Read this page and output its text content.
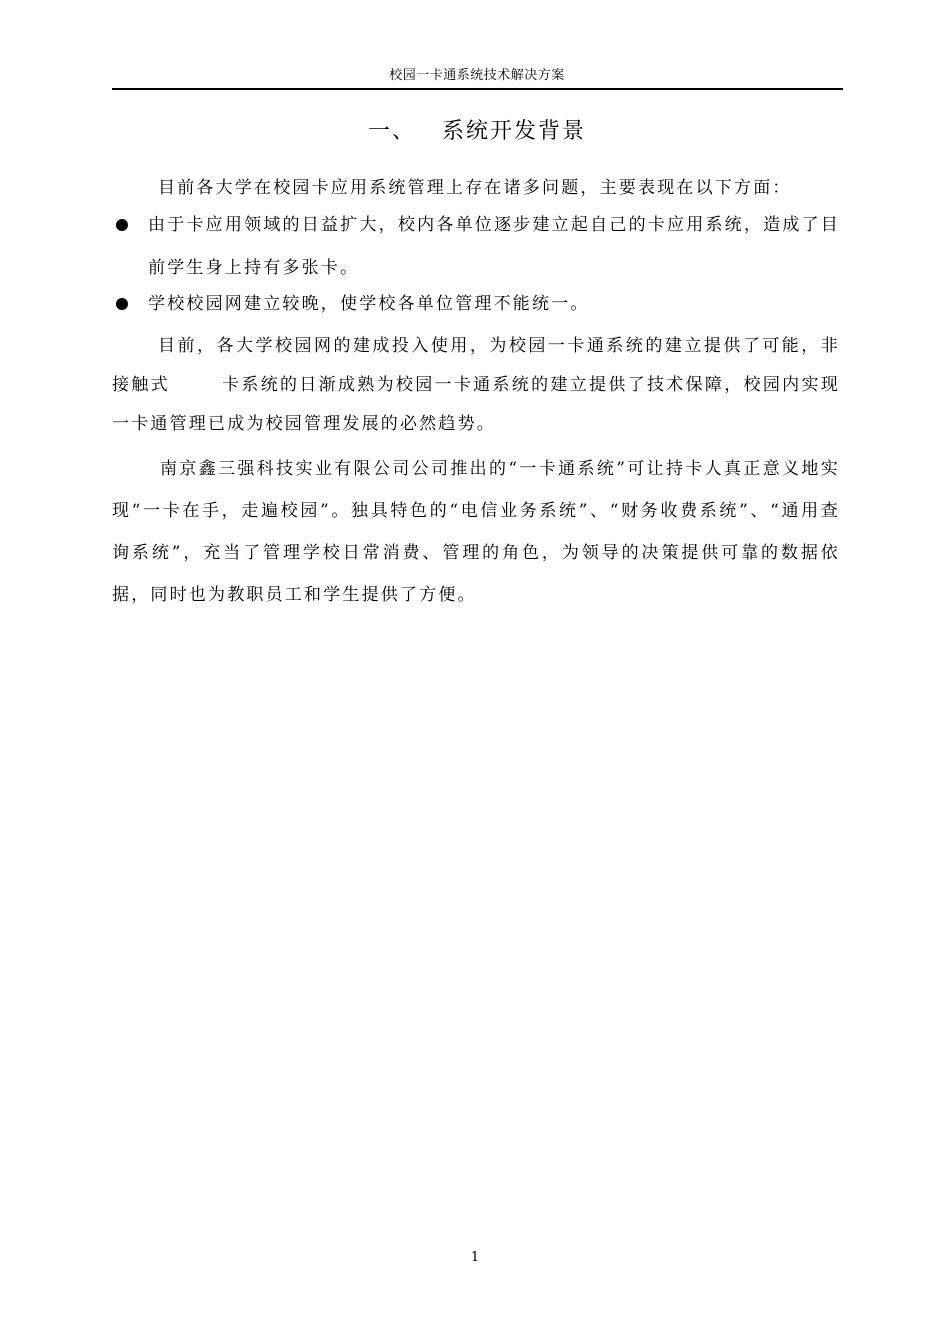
校园一卡通系统技术解决方案
一、 系统开发背景
目前各大学在校园卡应用系统管理上存在诸多问题，主要表现在以下方面：
由于卡应用领域的日益扩大，校内各单位逐步建立起自己的卡应用系统，造成了目前学生身上持有多张卡。
学校校园网建立较晚，使学校各单位管理不能统一。
目前，各大学校园网的建成投入使用，为校园一卡通系统的建立提供了可能，非接触式	卡系统的日渐成熟为校园一卡通系统的建立提供了技术保障，校园内实现一卡通管理已成为校园管理发展的必然趋势。
南京鑫三强科技实业有限公司公司推出的“一卡通系统”可让持卡人真正意义地实现“一卡在手，走遍校园”。独具特色的“电信业务系统”、“财务收费系统”、“通用查询系统”，充当了管理学校日常消费、管理的角色，为领导的决策提供可靠的数据依据，同时也为教职员工和学生提供了方便。
1
